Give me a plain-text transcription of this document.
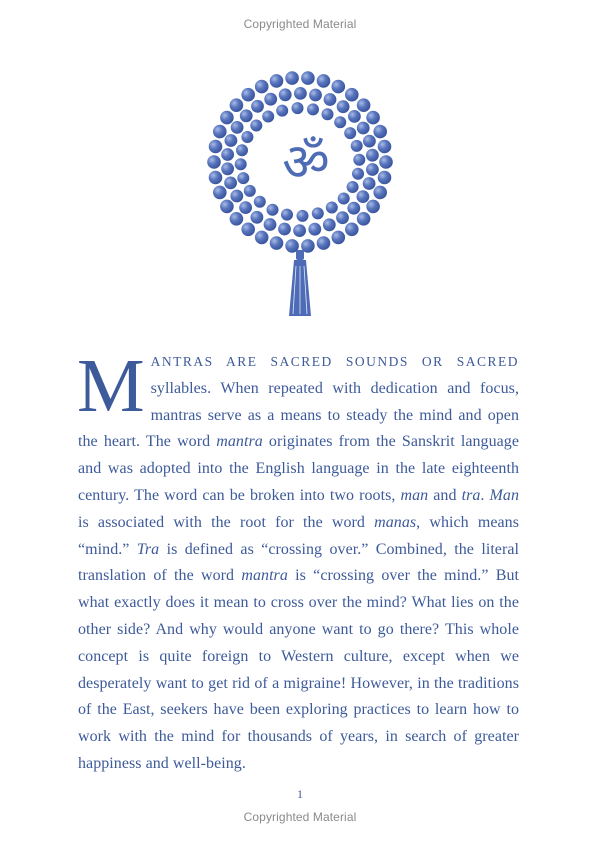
Copyrighted Material
ॐ
MANTRAS ARE SACRED SOUNDS OR SACRED syllables. When repeated with dedication and focus, mantras serve as a means to steady the mind and open the heart. The word mantra originates from the Sanskrit language and was adopted into the English language in the late eighteenth century. The word can be broken into two roots, man and tra. Man is associated with the root for the word manas, which means “mind.” Tra is defined as “crossing over.” Combined, the literal translation of the word mantra is “crossing over the mind.” But what exactly does it mean to cross over the mind? What lies on the other side? And why would anyone want to go there? This whole concept is quite foreign to Western culture, except when we desperately want to get rid of a migraine! However, in the traditions of the East, seekers have been exploring practices to learn how to work with the mind for thousands of years, in search of greater happiness and well-being.
1
Copyrighted Material
